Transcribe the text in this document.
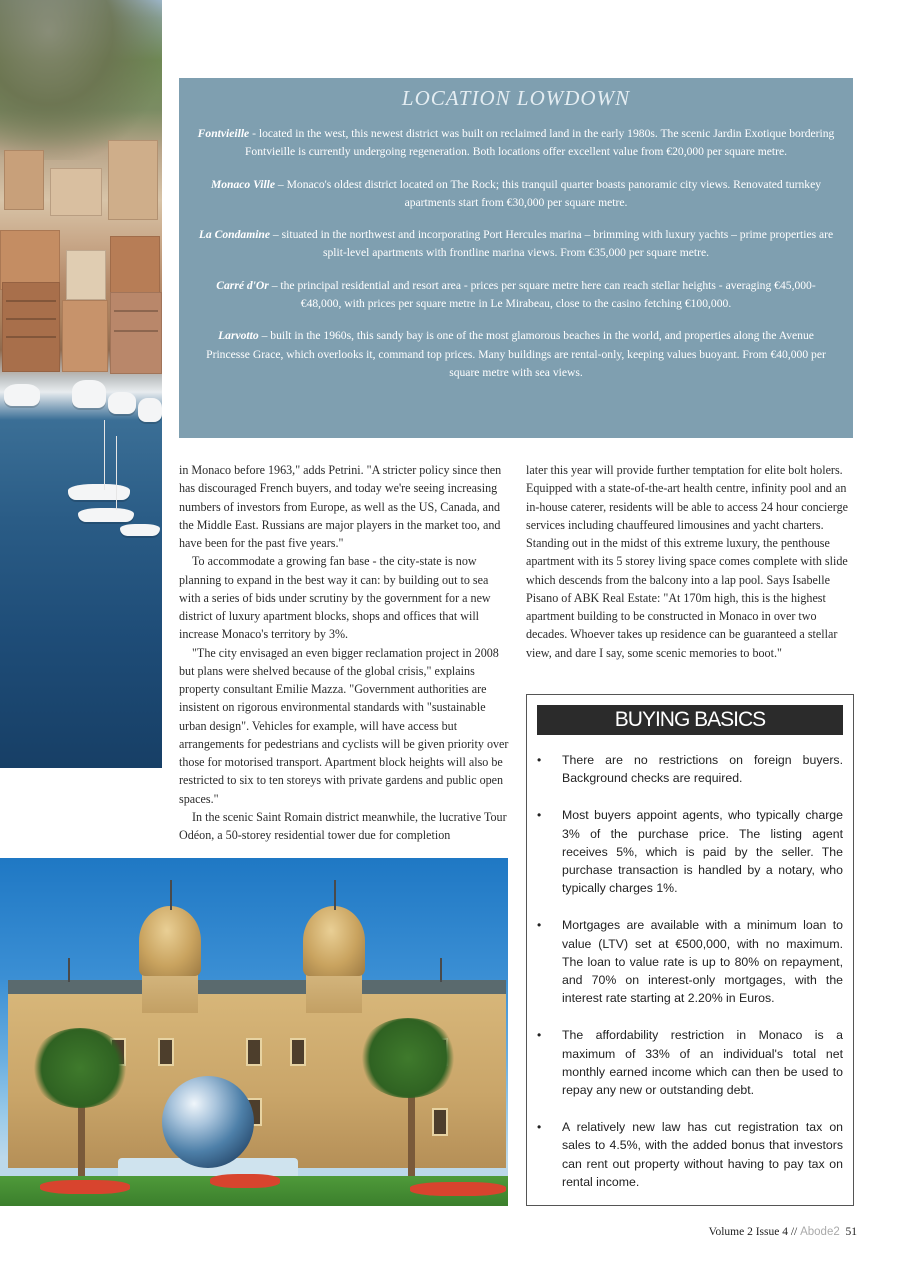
LOCATION LOWDOWN

Fontvieille - located in the west, this newest district was built on reclaimed land in the early 1980s. The scenic Jardin Exotique bordering Fontvieille is currently undergoing regeneration. Both locations offer excellent value from €20,000 per square metre.

Monaco Ville – Monaco's oldest district located on The Rock; this tranquil quarter boasts panoramic city views. Renovated turnkey apartments start from €30,000 per square metre.

La Condamine – situated in the northwest and incorporating Port Hercules marina – brimming with luxury yachts – prime properties are split-level apartments with frontline marina views. From €35,000 per square metre.

Carré d'Or – the principal residential and resort area - prices per square metre here can reach stellar heights - averaging €45,000-€48,000, with prices per square metre in Le Mirabeau, close to the casino fetching €100,000.

Larvotto – built in the 1960s, this sandy bay is one of the most glamorous beaches in the world, and properties along the Avenue Princesse Grace, which overlooks it, command top prices. Many buildings are rental-only, keeping values buoyant. From €40,000 per square metre with sea views.

in Monaco before 1963," adds Petrini. "A stricter policy since then has discouraged French buyers, and today we're seeing increasing numbers of investors from Europe, as well as the US, Canada, and the Middle East. Russians are major players in the market too, and have been for the past five years."

To accommodate a growing fan base - the city-state is now planning to expand in the best way it can: by building out to sea with a series of bids under scrutiny by the government for a new district of luxury apartment blocks, shops and offices that will increase Monaco's territory by 3%.

"The city envisaged an even bigger reclamation project in 2008 but plans were shelved because of the global crisis," explains property consultant Emilie Mazza. "Government authorities are insistent on rigorous environmental standards with "sustainable urban design". Vehicles for example, will have access but arrangements for pedestrians and cyclists will be given priority over those for motorised transport. Apartment block heights will also be restricted to six to ten storeys with private gardens and public open spaces."

In the scenic Saint Romain district meanwhile, the lucrative Tour Odéon, a 50-storey residential tower due for completion

later this year will provide further temptation for elite bolt holers. Equipped with a state-of-the-art health centre, infinity pool and an in-house caterer, residents will be able to access 24 hour concierge services including chauffeured limousines and yacht charters. Standing out in the midst of this extreme luxury, the penthouse apartment with its 5 storey living space comes complete with slide which descends from the balcony into a lap pool. Says Isabelle Pisano of ABK Real Estate: "At 170m high, this is the highest apartment building to be constructed in Monaco in over two decades. Whoever takes up residence can be guaranteed a stellar view, and dare I say, some scenic memories to boot."

BUYING BASICS
• There are no restrictions on foreign buyers. Background checks are required.
• Most buyers appoint agents, who typically charge 3% of the purchase price. The listing agent receives 5%, which is paid by the seller. The purchase transaction is handled by a notary, who typically charges 1%.
• Mortgages are available with a minimum loan to value (LTV) set at €500,000, with no maximum. The loan to value rate is up to 80% on repayment, and 70% on interest-only mortgages, with the interest rate starting at 2.20% in Euros.
• The affordability restriction in Monaco is a maximum of 33% of an individual's total net monthly earned income which can then be used to repay any new or outstanding debt.
• A relatively new law has cut registration tax on sales to 4.5%, with the added bonus that investors can rent out property without having to pay tax on rental income.
Volume 2 Issue 4 // Abode2 51
